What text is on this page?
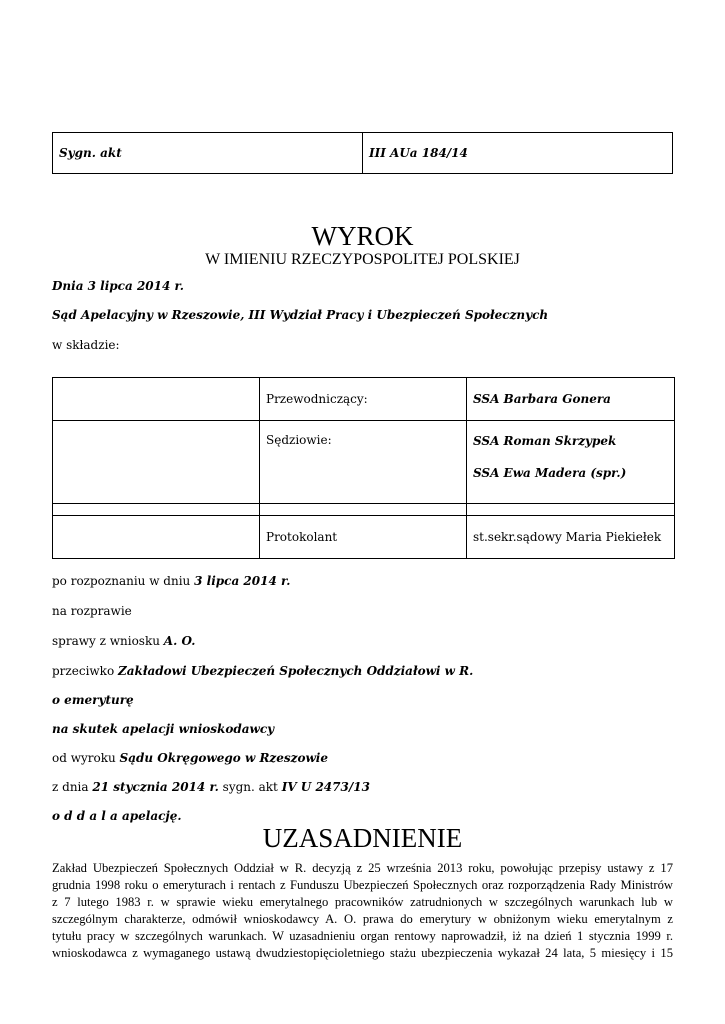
Sygn. akt	III AUa 184/14
WYROK
W IMIENIU RZECZYPOSPOLITEJ POLSKIEJ
Dnia 3 lipca 2014 r.
Sąd Apelacyjny w Rzeszowie, III Wydział Pracy i Ubezpieczeń Społecznych
w składzie:
	Przewodniczący:	SSA Barbara Gonera
	Sędziowie:	SSA Roman Skrzypek
SSA Ewa Madera (spr.)

	Protokolant	st.sekr.sądowy Maria Piekiełek
po rozpoznaniu w dniu 3 lipca 2014 r.
na rozprawie
sprawy z wniosku A. O.
przeciwko Zakładowi Ubezpieczeń Społecznych Oddziałowi w R.
o emeryturę
na skutek apelacji wnioskodawcy
od wyroku Sądu Okręgowego w Rzeszowie
z dnia 21 stycznia 2014 r. sygn. akt IV U 2473/13
o d d a l a apelację.
UZASADNIENIE
Zakład Ubezpieczeń Społecznych Oddział w R. decyzją z 25 września 2013 roku, powołując przepisy ustawy z 17
grudnia 1998 roku o emeryturach i rentach z Funduszu Ubezpieczeń Społecznych oraz rozporządzenia Rady Ministrów
z 7 lutego 1983 r. w sprawie wieku emerytalnego pracowników zatrudnionych w szczególnych warunkach lub w
szczególnym charakterze, odmówił wnioskodawcy A. O. prawa do emerytury w obniżonym wieku emerytalnym z
tytułu pracy w szczególnych warunkach. W uzasadnieniu organ rentowy naprowadził, iż na dzień 1 stycznia 1999 r.
wnioskodawca z wymaganego ustawą dwudziestopięcioletniego stażu ubezpieczenia wykazał 24 lata, 5 miesięcy i 15
